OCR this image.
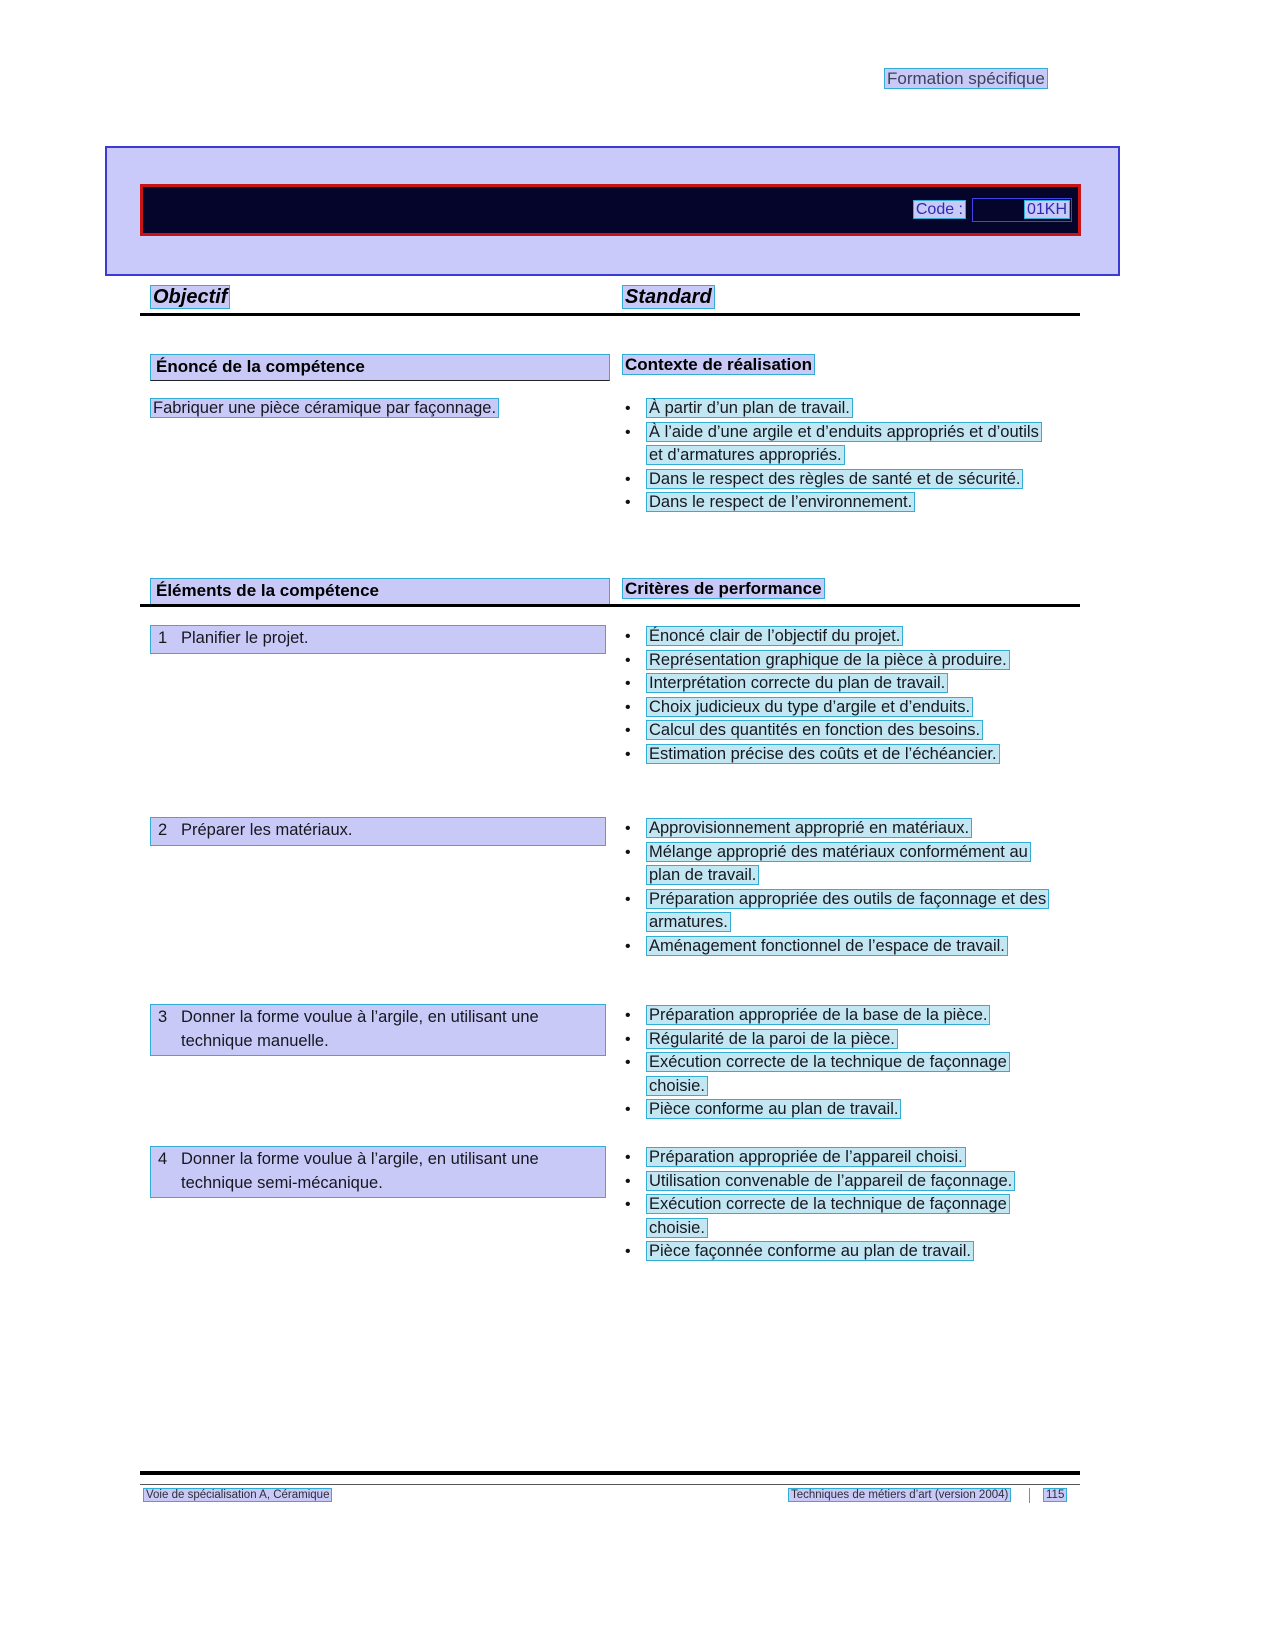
Formation spécifique
Code :	01KH
Objectif	Standard
Énoncé de la compétence	Contexte de réalisation
Fabriquer une pièce céramique par façonnage.	• À partir d’un plan de travail.
• À l’aide d’une argile et d’enduits appropriés et d’outils et d’armatures appropriés.
• Dans le respect des règles de santé et de sécurité.
• Dans le respect de l’environnement.
Éléments de la compétence	Critères de performance
1 Planifier le projet.	• Énoncé clair de l’objectif du projet.
• Représentation graphique de la pièce à produire.
• Interprétation correcte du plan de travail.
• Choix judicieux du type d’argile et d’enduits.
• Calcul des quantités en fonction des besoins.
• Estimation précise des coûts et de l’échéancier.
2 Préparer les matériaux.	• Approvisionnement approprié en matériaux.
• Mélange approprié des matériaux conformément au plan de travail.
• Préparation appropriée des outils de façonnage et des armatures.
• Aménagement fonctionnel de l’espace de travail.
3 Donner la forme voulue à l’argile, en utilisant une technique manuelle.
• Préparation appropriée de la base de la pièce.
• Régularité de la paroi de la pièce.
• Exécution correcte de la technique de façonnage choisie.
• Pièce conforme au plan de travail.
4 Donner la forme voulue à l’argile, en utilisant une technique semi-mécanique.
• Préparation appropriée de l’appareil choisi.
• Utilisation convenable de l’appareil de façonnage.
• Exécution correcte de la technique de façonnage choisie.
• Pièce façonnée conforme au plan de travail.
Voie de spécialisation A, Céramique	Techniques de métiers d’art (version 2004)	115
